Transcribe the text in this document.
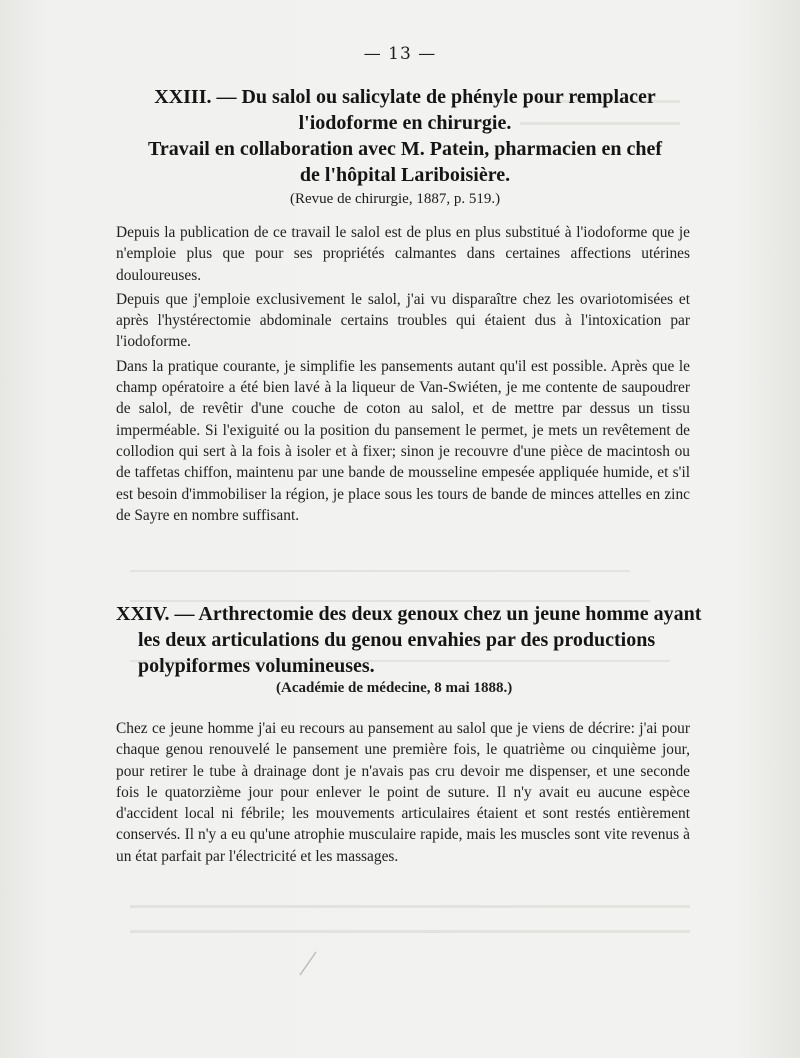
— 13 —
XXIII. — Du salol ou salicylate de phényle pour remplacer
l'iodoforme en chirurgie.
Travail en collaboration avec M. Patein, pharmacien en chef
de l'hôpital Lariboisière.
(Revue de chirurgie, 1887, p. 519.)

Depuis la publication de ce travail le salol est de plus en plus substitué à l'iodoforme que je n'emploie plus que pour ses propriétés calmantes dans certaines affections utérines douloureuses.

Depuis que j'emploie exclusivement le salol, j'ai vu disparaître chez les ovariotomisées et après l'hystérectomie abdominale certains troubles qui étaient dus à l'intoxication par l'iodoforme.

Dans la pratique courante, je simplifie les pansements autant qu'il est possible. Après que le champ opératoire a été bien lavé à la liqueur de Van-Swiéten, je me contente de saupoudrer de salol, de revêtir d'une couche de coton au salol, et de mettre par dessus un tissu imperméable. Si l'exiguité ou la position du pansement le permet, je mets un revêtement de collodion qui sert à la fois à isoler et à fixer; sinon je recouvre d'une pièce de macintosh ou de taffetas chiffon, maintenu par une bande de mousseline empesée appliquée humide, et s'il est besoin d'immobiliser la région, je place sous les tours de bande de minces attelles en zinc de Sayre en nombre suffisant.

XXIV. — Arthrectomie des deux genoux chez un jeune homme ayant
les deux articulations du genou envahies par des productions
polypiformes volumineuses.
(Académie de médecine, 8 mai 1888.)

Chez ce jeune homme j'ai eu recours au pansement au salol que je viens de décrire: j'ai pour chaque genou renouvelé le pansement une première fois, le quatrième ou cinquième jour, pour retirer le tube à drainage dont je n'avais pas cru devoir me dispenser, et une seconde fois le quatorzième jour pour enlever le point de suture. Il n'y avait eu aucune espèce d'accident local ni fébrile; les mouvements articulaires étaient et sont restés entièrement conservés. Il n'y a eu qu'une atrophie musculaire rapide, mais les muscles sont vite revenus à un état parfait par l'électricité et les massages.
